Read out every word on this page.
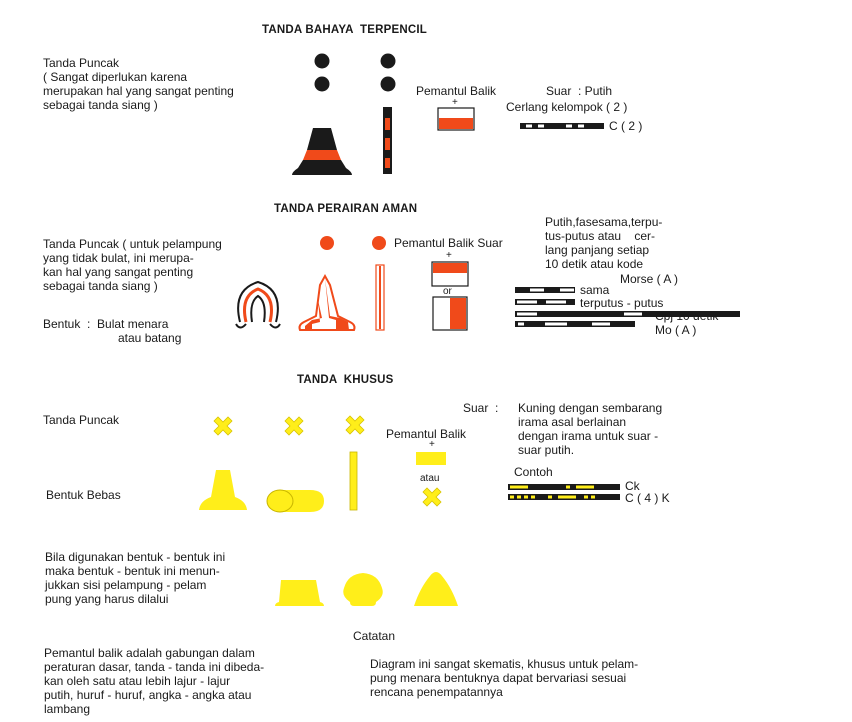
TANDA BAHAYA  TERPENCIL

Tanda Puncak

( Sangat diperlukan karena

merupakan hal yang sangat penting

sebagai tanda siang )

Pemantul Balik

+

Suar  : Putih

Cerlang kelompok ( 2 )

C ( 2 )

TANDA PERAIRAN AMAN

Tanda Puncak ( untuk pelampung

yang tidak bulat, ini merupa-

kan hal yang sangat penting

sebagai tanda siang )

Bentuk  :  Bulat menara

atau batang

Pemantul Balik Suar

+

or

Putih,fasesama,terpu-

tus-putus atau    cer-

lang panjang setiap

10 detik atau kode

Morse ( A )

sama

terputus - putus

Cpj 10 detik

Mo ( A )

TANDA  KHUSUS

Tanda Puncak

Bentuk Bebas

Pemantul Balik

+

atau

Suar  : Kuning dengan sembarang

irama asal berlainan

dengan irama untuk suar -

suar putih.

Contoh

Ck

C ( 4 ) K

Bila digunakan bentuk - bentuk ini

maka bentuk - bentuk ini menun-

jukkan sisi pelampung - pelam

pung yang harus dilalui

Catatan

Pemantul balik adalah gabungan dalam

peraturan dasar, tanda - tanda ini dibeda-

kan oleh satu atau lebih lajur - lajur

putih, huruf - huruf, angka - angka atau

lambang

Diagram ini sangat skematis, khusus untuk pelam-

pung menara bentuknya dapat bervariasi sesuai

rencana penempatannya
